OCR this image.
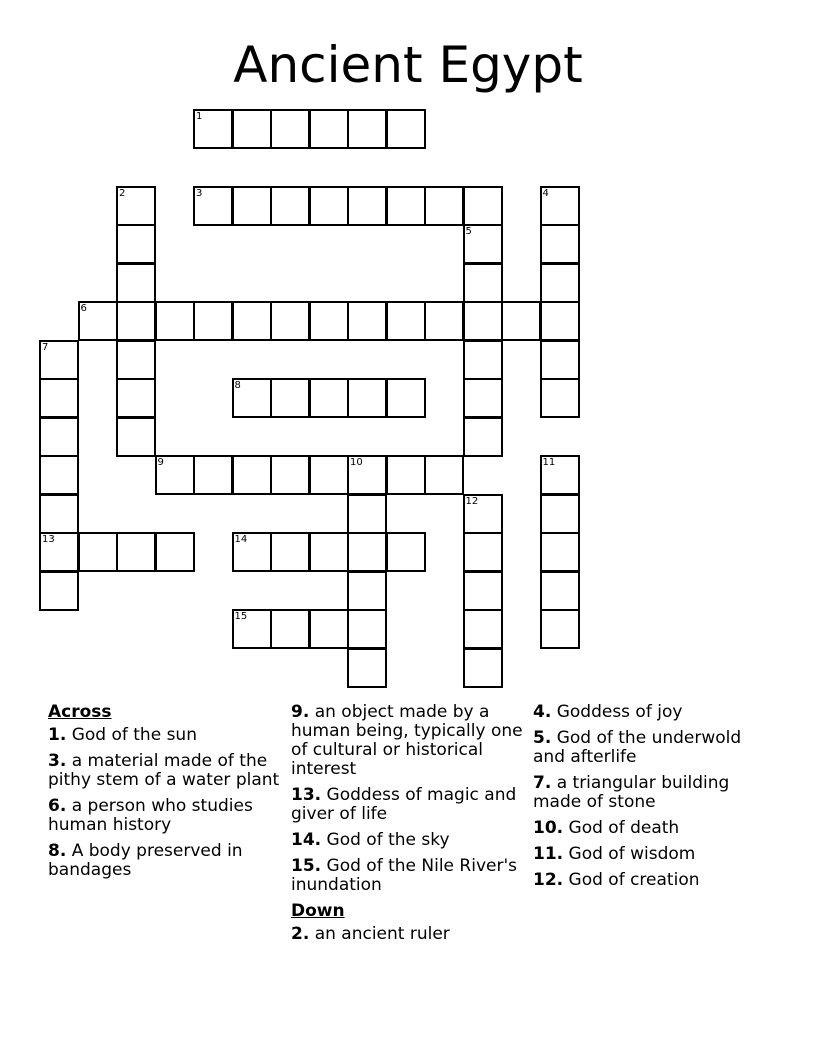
Ancient Egypt
1
2	3	4
5
6
7
8
9	10	11
12
13	14
15
Across
1. God of the sun
3. a material made of the pithy stem of a water plant
6. a person who studies human history
8. A body preserved in bandages
9. an object made by a human being, typically one of cultural or historical interest
13. Goddess of magic and giver of life
14. God of the sky
15. God of the Nile River's inundation
Down
2. an ancient ruler
4. Goddess of joy
5. God of the underwold and afterlife
7. a triangular building made of stone
10. God of death
11. God of wisdom
12. God of creation
